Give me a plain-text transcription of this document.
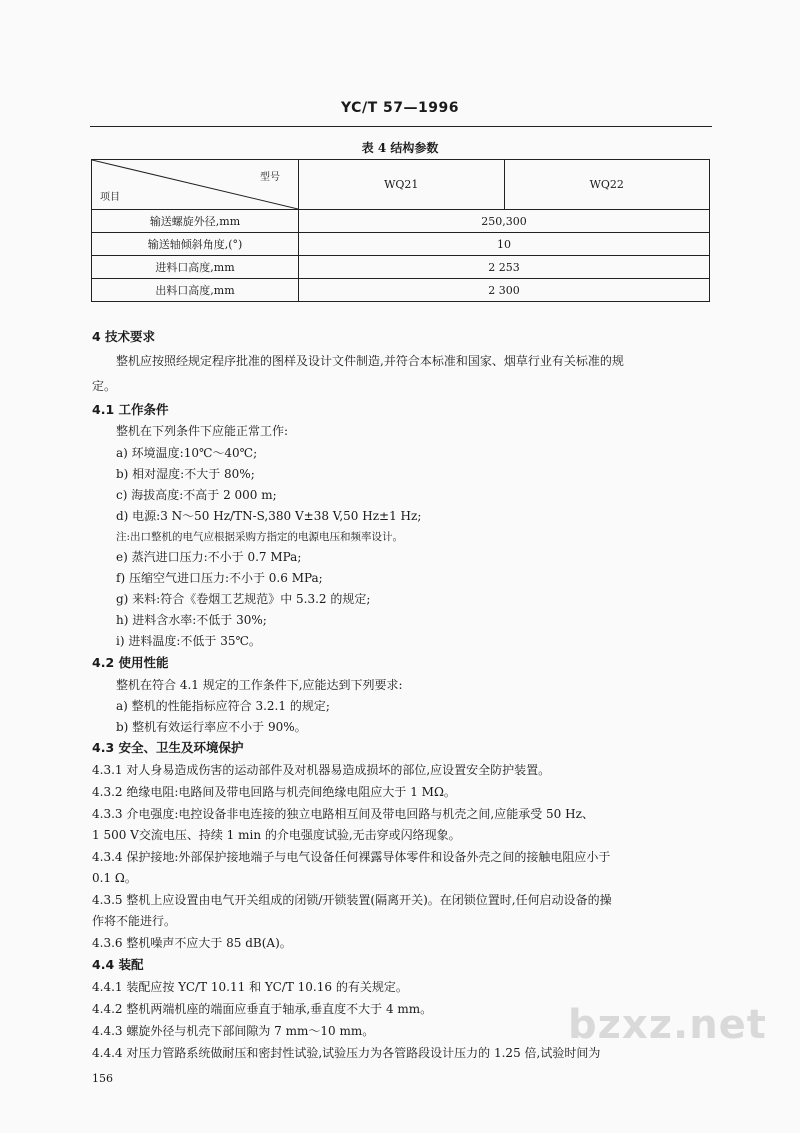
YC/T 57—1996
表 4 结构参数
型号
项目	WQ21	WQ22
输送螺旋外径,mm	250,300	
输送轴倾斜角度,(°)	10	
进料口高度,mm	2 253	
出料口高度,mm	2 300	
4 技术要求
整机应按照经规定程序批准的图样及设计文件制造,并符合本标准和国家、烟草行业有关标准的规
定。
4.1 工作条件
整机在下列条件下应能正常工作:
a) 环境温度:10℃～40℃;
b) 相对湿度:不大于 80%;
c) 海拔高度:不高于 2 000 m;
d) 电源:3 N～50 Hz/TN-S,380 V±38 V,50 Hz±1 Hz;
注:出口整机的电气应根据采购方指定的电源电压和频率设计。
e) 蒸汽进口压力:不小于 0.7 MPa;
f) 压缩空气进口压力:不小于 0.6 MPa;
g) 来料:符合《卷烟工艺规范》中 5.3.2 的规定;
h) 进料含水率:不低于 30%;
i) 进料温度:不低于 35℃。
4.2 使用性能
整机在符合 4.1 规定的工作条件下,应能达到下列要求:
a) 整机的性能指标应符合 3.2.1 的规定;
b) 整机有效运行率应不小于 90%。
4.3 安全、卫生及环境保护
4.3.1 对人身易造成伤害的运动部件及对机器易造成损坏的部位,应设置安全防护装置。
4.3.2 绝缘电阻:电路间及带电回路与机壳间绝缘电阻应大于 1 MΩ。
4.3.3 介电强度:电控设备非电连接的独立电路相互间及带电回路与机壳之间,应能承受 50 Hz、
1 500 V交流电压、持续 1 min 的介电强度试验,无击穿或闪络现象。
4.3.4 保护接地:外部保护接地端子与电气设备任何裸露导体零件和设备外壳之间的接触电阻应小于
0.1 Ω。
4.3.5 整机上应设置由电气开关组成的闭锁/开锁装置(隔离开关)。在闭锁位置时,任何启动设备的操
作将不能进行。
4.3.6 整机噪声不应大于 85 dB(A)。
4.4 装配
4.4.1 装配应按 YC/T 10.11 和 YC/T 10.16 的有关规定。
4.4.2 整机两端机座的端面应垂直于轴承,垂直度不大于 4 mm。
4.4.3 螺旋外径与机壳下部间隙为 7 mm～10 mm。
4.4.4 对压力管路系统做耐压和密封性试验,试验压力为各管路段设计压力的 1.25 倍,试验时间为
bzxz.net
156
